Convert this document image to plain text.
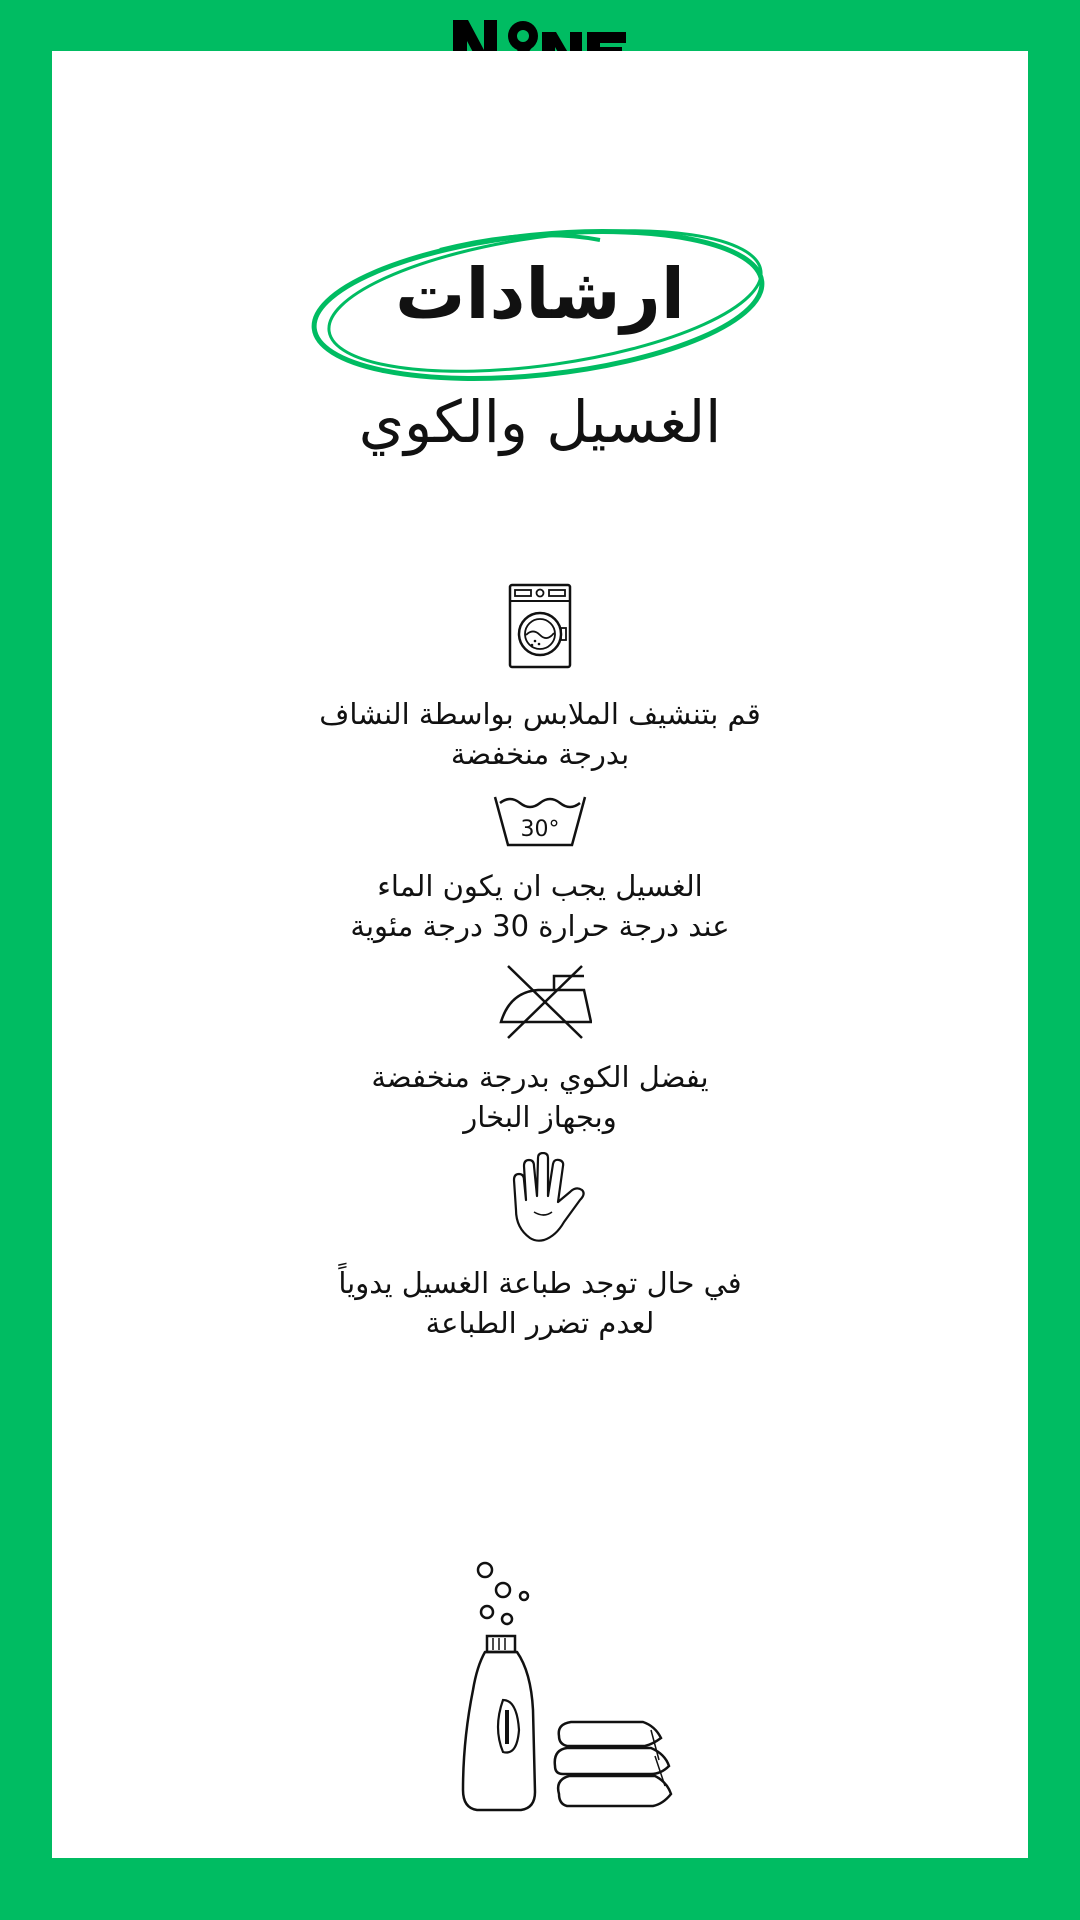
ارشادات
الغسيل والكوي
قم بتنشيف الملابس بواسطة النشاف
بدرجة منخفضة
30°
الغسيل يجب ان يكون الماء
عند درجة حرارة 30 درجة مئوية
يفضل الكوي بدرجة منخفضة
وبجهاز البخار
في حال توجد طباعة الغسيل يدوياً
لعدم تضرر الطباعة
